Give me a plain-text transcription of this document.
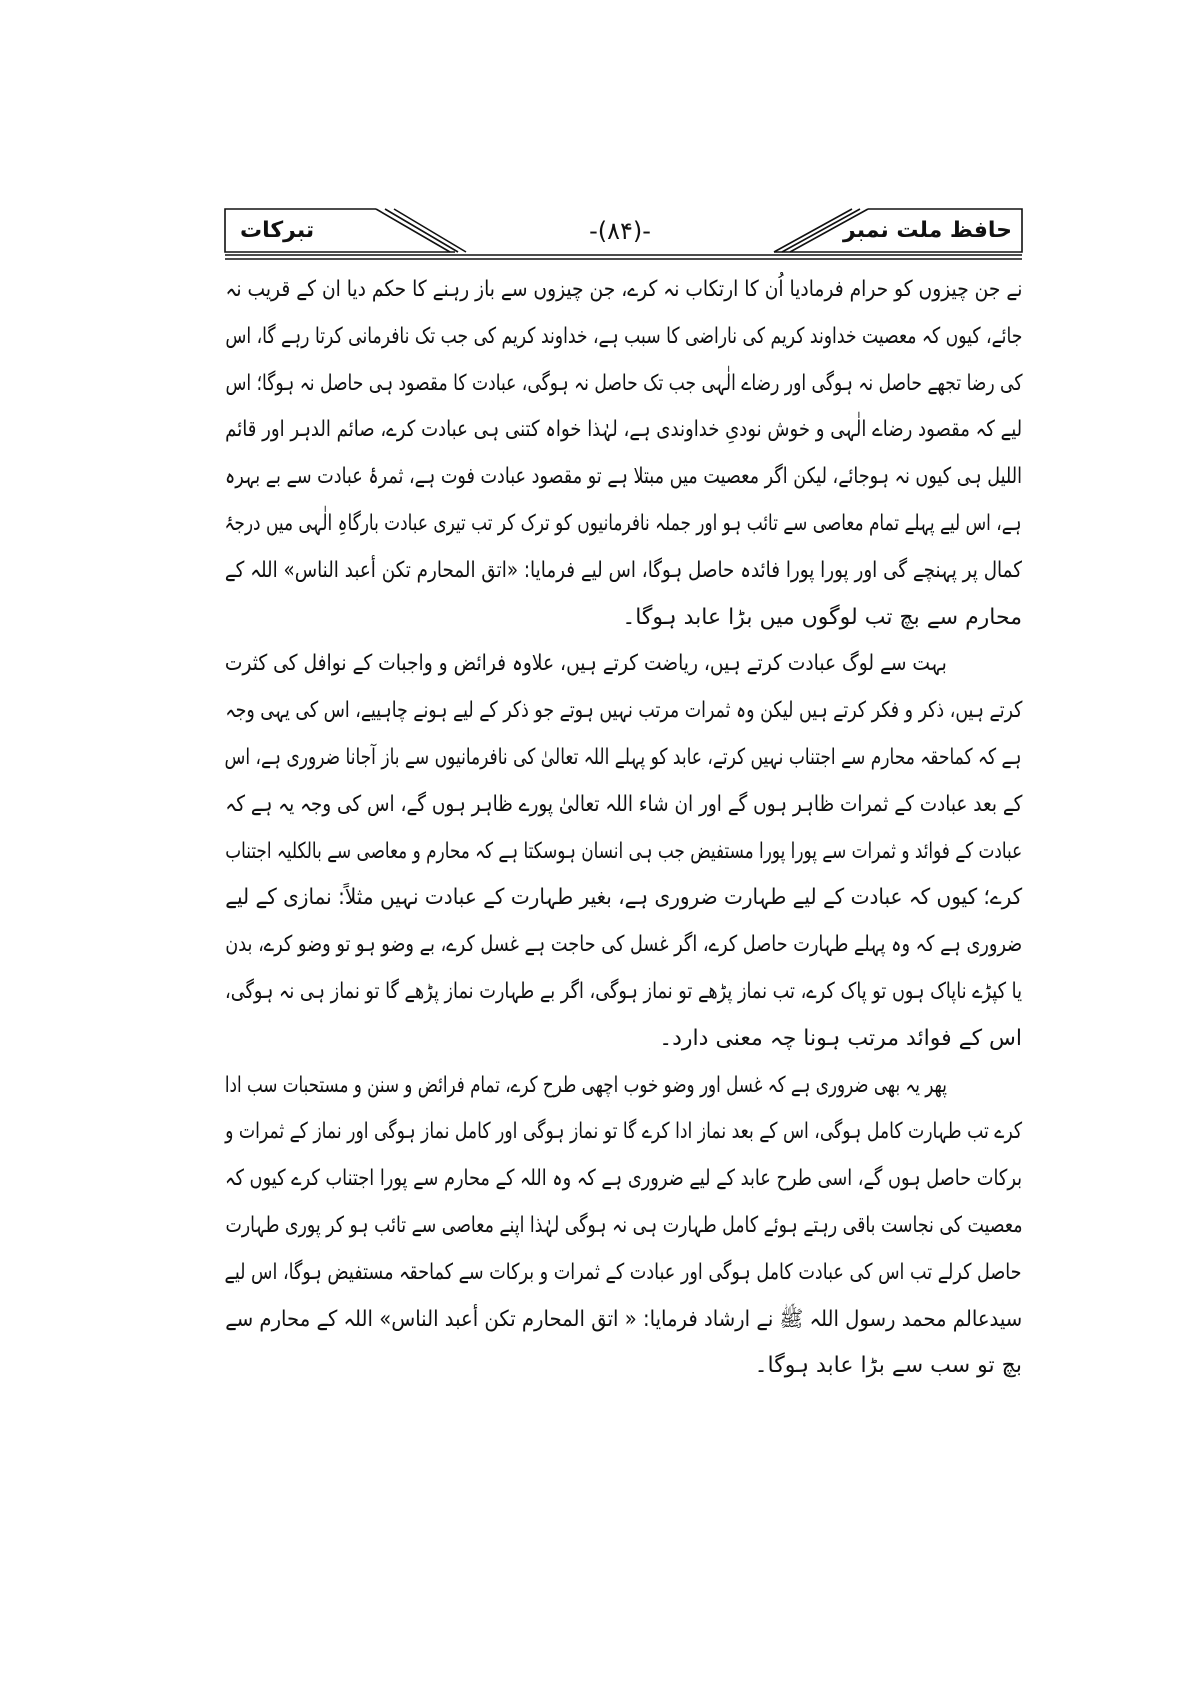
حافظ ملت نمبر
-(۸۴)-
تبرکات
نے جن چیزوں کو حرام فرمادیا اُن کا ارتکاب نہ کرے، جن چیزوں سے باز رہنے کا حکم دیا ان کے قریب نہ
جائے، کیوں کہ معصیت خداوند کریم کی ناراضی کا سبب ہے، خداوند کریم کی جب تک نافرمانی کرتا رہے گا، اس
کی رضا تجھے حاصل نہ ہوگی اور رضاے الٰہی جب تک حاصل نہ ہوگی، عبادت کا مقصود ہی حاصل نہ ہوگا؛ اس
لیے کہ مقصود رضاے الٰہی و خوش نودیِ خداوندی ہے، لہٰذا خواہ کتنی ہی عبادت کرے، صائم الدہر اور قائم
اللیل ہی کیوں نہ ہوجائے، لیکن اگر معصیت میں مبتلا ہے تو مقصود عبادت فوت ہے، ثمرۂ عبادت سے بے بہرہ
ہے، اس لیے پہلے تمام معاصی سے تائب ہو اور جملہ نافرمانیوں کو ترک کر تب تیری عبادت بارگاہِ الٰہی میں درجۂ
کمال پر پہنچے گی اور پورا پورا فائدہ حاصل ہوگا، اس لیے فرمایا: «اتق المحارم تکن أعبد الناس» اللہ کے
محارم سے بچ تب لوگوں میں بڑا عابد ہوگا۔
بہت سے لوگ عبادت کرتے ہیں، ریاضت کرتے ہیں، علاوہ فرائض و واجبات کے نوافل کی کثرت
کرتے ہیں، ذکر و فکر کرتے ہیں لیکن وہ ثمرات مرتب نہیں ہوتے جو ذکر کے لیے ہونے چاہییے، اس کی یہی وجہ
ہے کہ کماحقہ محارم سے اجتناب نہیں کرتے، عابد کو پہلے اللہ تعالیٰ کی نافرمانیوں سے باز آجانا ضروری ہے، اس
کے بعد عبادت کے ثمرات ظاہر ہوں گے اور ان شاء اللہ تعالیٰ پورے ظاہر ہوں گے، اس کی وجہ یہ ہے کہ
عبادت کے فوائد و ثمرات سے پورا پورا مستفیض جب ہی انسان ہوسکتا ہے کہ محارم و معاصی سے بالکلیہ اجتناب
کرے؛ کیوں کہ عبادت کے لیے طہارت ضروری ہے، بغیر طہارت کے عبادت نہیں مثلاً: نمازی کے لیے
ضروری ہے کہ وہ پہلے طہارت حاصل کرے، اگر غسل کی حاجت ہے غسل کرے، بے وضو ہو تو وضو کرے، بدن
یا کپڑے ناپاک ہوں تو پاک کرے، تب نماز پڑھے تو نماز ہوگی، اگر بے طہارت نماز پڑھے گا تو نماز ہی نہ ہوگی،
اس کے فوائد مرتب ہونا چہ معنی دارد۔
پھر یہ بھی ضروری ہے کہ غسل اور وضو خوب اچھی طرح کرے، تمام فرائض و سنن و مستحبات سب ادا
کرے تب طہارت کامل ہوگی، اس کے بعد نماز ادا کرے گا تو نماز ہوگی اور کامل نماز ہوگی اور نماز کے ثمرات و
برکات حاصل ہوں گے، اسی طرح عابد کے لیے ضروری ہے کہ وہ اللہ کے محارم سے پورا اجتناب کرے کیوں کہ
معصیت کی نجاست باقی رہتے ہوئے کامل طہارت ہی نہ ہوگی لہٰذا اپنے معاصی سے تائب ہو کر پوری طہارت
حاصل کرلے تب اس کی عبادت کامل ہوگی اور عبادت کے ثمرات و برکات سے کماحقہ مستفیض ہوگا، اس لیے
سیدعالم محمد رسول اللہ ﷺ نے ارشاد فرمایا: « اتق المحارم تکن أعبد الناس» اللہ کے محارم سے
بچ تو سب سے بڑا عابد ہوگا۔
